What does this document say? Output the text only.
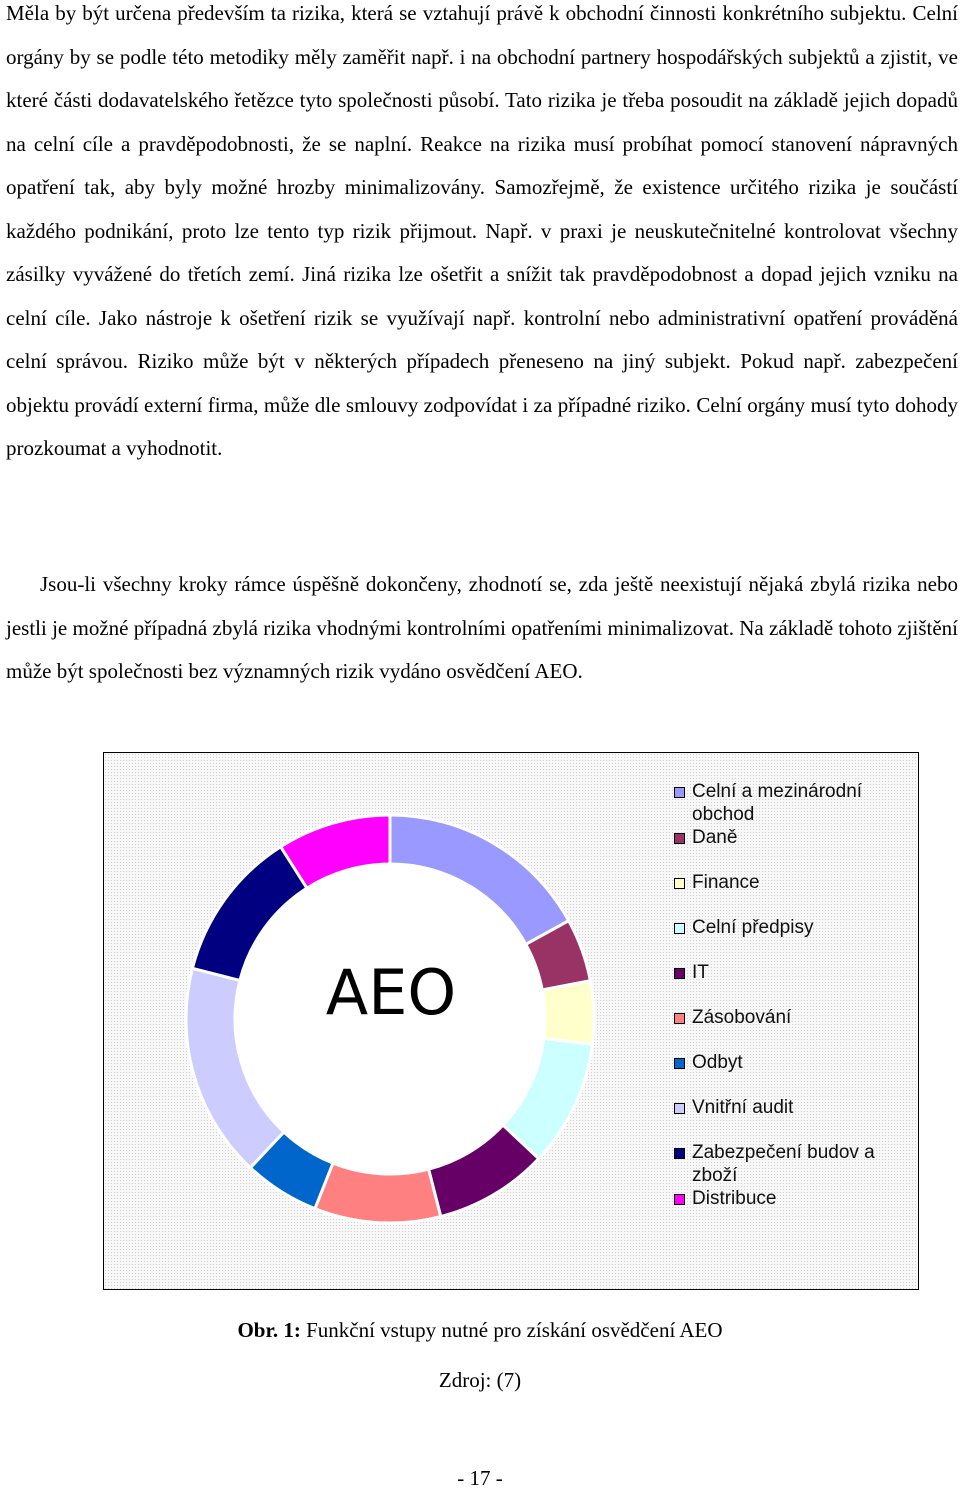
Měla by být určena především ta rizika, která se vztahují právě k obchodní činnosti konkrétního subjektu. Celní orgány by se podle této metodiky měly zaměřit např. i na obchodní partnery hospodářských subjektů a zjistit, ve které části dodavatelského řetězce tyto společnosti působí. Tato rizika je třeba posoudit na základě jejich dopadů na celní cíle a pravděpodobnosti, že se naplní. Reakce na rizika musí probíhat pomocí stanovení nápravných opatření tak, aby byly možné hrozby minimalizovány. Samozřejmě, že existence určitého rizika je součástí každého podnikání, proto lze tento typ rizik přijmout. Např. v praxi je neuskutečnitelné kontrolovat všechny zásilky vyvážené do třetích zemí. Jiná rizika lze ošetřit a snížit tak pravděpodobnost a dopad jejich vzniku na celní cíle. Jako nástroje k ošetření rizik se využívají např. kontrolní nebo administrativní opatření prováděná celní správou. Riziko může být v některých případech přeneseno na jiný subjekt. Pokud např. zabezpečení objektu provádí externí firma, může dle smlouvy zodpovídat i za případné riziko. Celní orgány musí tyto dohody prozkoumat a vyhodnotit.

Jsou-li všechny kroky rámce úspěšně dokončeny, zhodnotí se, zda ještě neexistují nějaká zbylá rizika nebo jestli je možné případná zbylá rizika vhodnými kontrolními opatřeními minimalizovat. Na základě tohoto zjištění může být společnosti bez významných rizik vydáno osvědčení AEO.

AEO
Celní a mezinárodní obchod
Daně
Finance
Celní předpisy
IT
Zásobování
Odbyt
Vnitřní audit
Zabezpečení budov a zboží
Distribuce

Obr. 1: Funkční vstupy nutné pro získání osvědčení AEO

Zdroj: (7)

- 17 -
